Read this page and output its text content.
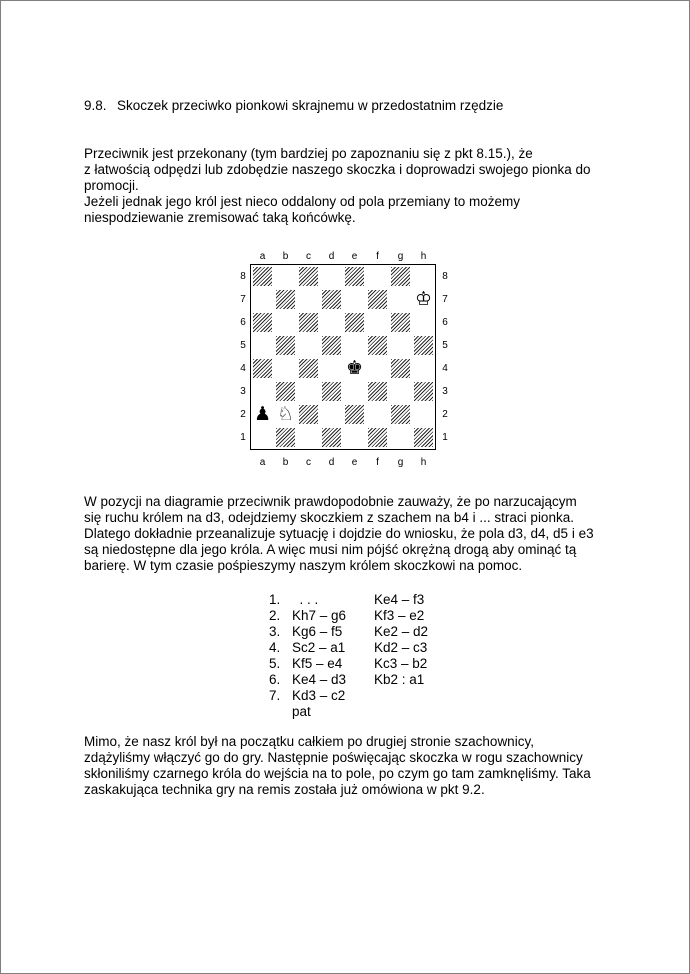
9.8. Skoczek przeciwko pionkowi skrajnemu w przedostatnim rzędzie
Przeciwnik jest przekonany (tym bardziej po zapoznaniu się z pkt 8.15.), że
z łatwością odpędzi lub zdobędzie naszego skoczka i doprowadzi swojego pionka do
promocji.
Jeżeli jednak jego król jest nieco oddalony od pola przemiany to możemy
niespodziewanie zremisować taką końcówkę.
a	b	c	d	e	f	g	h
a	b	c	d	e	f	g	h
8
7
6
5
4
3
2
1
8
7
6
5
4
3
2
1
♔
♚
♟ ♘
W pozycji na diagramie przeciwnik prawdopodobnie zauważy, że po narzucającym
się ruchu królem na d3, odejdziemy skoczkiem z szachem na b4 i ... straci pionka.
Dlatego dokładnie przeanalizuje sytuację i dojdzie do wniosku, że pola d3, d4, d5 i e3
są niedostępne dla jego króla. A więc musi nim pójść okrężną drogą aby ominąć tą
barierę. W tym czasie pośpieszymy naszym królem skoczkowi na pomoc.
1.	. . .	Ke4 – f3
2.	Kh7 – g6	Kf3 – e2
3.	Kg6 – f5	Ke2 – d2
4.	Sc2 – a1	Kd2 – c3
5.	Kf5 – e4	Kc3 – b2
6.	Ke4 – d3	Kb2 : a1
7.	Kd3 – c2	
	pat	
Mimo, że nasz król był na początku całkiem po drugiej stronie szachownicy,
zdążyliśmy włączyć go do gry. Następnie poświęcając skoczka w rogu szachownicy
skłoniliśmy czarnego króla do wejścia na to pole, po czym go tam zamknęliśmy. Taka
zaskakująca technika gry na remis została już omówiona w pkt 9.2.
